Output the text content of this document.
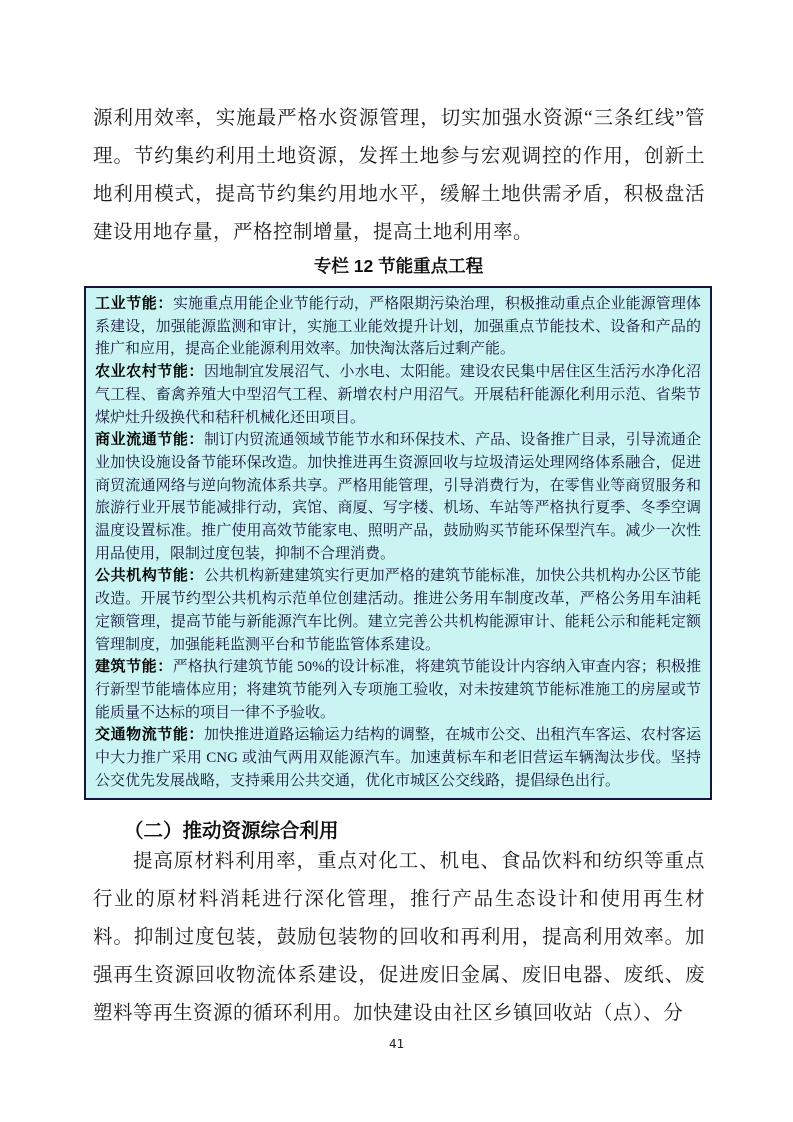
源利用效率，实施最严格水资源管理，切实加强水资源“三条红线”管理。节约集约利用土地资源，发挥土地参与宏观调控的作用，创新土地利用模式，提高节约集约用地水平，缓解土地供需矛盾，积极盘活建设用地存量，严格控制增量，提高土地利用率。

专栏 12 节能重点工程

工业节能：实施重点用能企业节能行动，严格限期污染治理，积极推动重点企业能源管理体系建设，加强能源监测和审计，实施工业能效提升计划，加强重点节能技术、设备和产品的推广和应用，提高企业能源利用效率。加快淘汰落后过剩产能。

农业农村节能：因地制宜发展沼气、小水电、太阳能。建设农民集中居住区生活污水净化沼气工程、畜禽养殖大中型沼气工程、新增农村户用沼气。开展秸秆能源化利用示范、省柴节煤炉灶升级换代和秸秆机械化还田项目。

商业流通节能：制订内贸流通领域节能节水和环保技术、产品、设备推广目录，引导流通企业加快设施设备节能环保改造。加快推进再生资源回收与垃圾清运处理网络体系融合，促进商贸流通网络与逆向物流体系共享。严格用能管理，引导消费行为，在零售业等商贸服务和旅游行业开展节能减排行动，宾馆、商厦、写字楼、机场、车站等严格执行夏季、冬季空调温度设置标准。推广使用高效节能家电、照明产品，鼓励购买节能环保型汽车。减少一次性用品使用，限制过度包装，抑制不合理消费。

公共机构节能：公共机构新建建筑实行更加严格的建筑节能标准，加快公共机构办公区节能改造。开展节约型公共机构示范单位创建活动。推进公务用车制度改革，严格公务用车油耗定额管理，提高节能与新能源汽车比例。建立完善公共机构能源审计、能耗公示和能耗定额管理制度，加强能耗监测平台和节能监管体系建设。

建筑节能：严格执行建筑节能 50%的设计标准，将建筑节能设计内容纳入审查内容；积极推行新型节能墙体应用；将建筑节能列入专项施工验收，对未按建筑节能标准施工的房屋或节能质量不达标的项目一律不予验收。

交通物流节能：加快推进道路运输运力结构的调整，在城市公交、出租汽车客运、农村客运中大力推广采用 CNG 或油气两用双能源汽车。加速黄标车和老旧营运车辆淘汰步伐。坚持公交优先发展战略，支持乘用公共交通，优化市城区公交线路，提倡绿色出行。

（二）推动资源综合利用

提高原材料利用率，重点对化工、机电、食品饮料和纺织等重点行业的原材料消耗进行深化管理，推行产品生态设计和使用再生材料。抑制过度包装，鼓励包装物的回收和再利用，提高利用效率。加强再生资源回收物流体系建设，促进废旧金属、废旧电器、废纸、废塑料等再生资源的循环利用。加快建设由社区乡镇回收站（点）、分

41
